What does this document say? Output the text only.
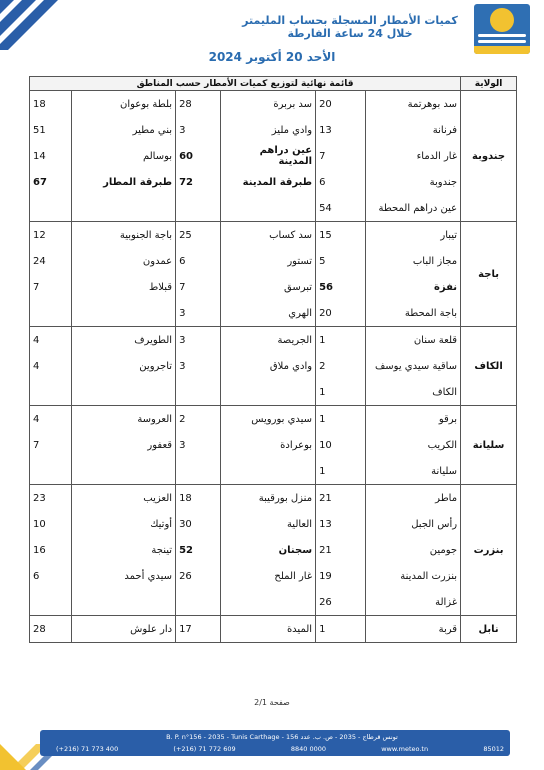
كميات الأمطار المسجلة بحساب المليمتر
خلال 24 ساعة الفارطة
الأحد 20 أكتوبر 2024
الولاية	قائمة نهائية لتوزيع كميات الأمطار حسب المناطق					
جندوبة	سد بوهرتمة	20	سد بربرة	28	بلطة بوعوان	18
	فرنانة	13	وادي مليز	3	بني مطير	51
	غار الدماء	7	عين دراهم المدينة	60	بوسالم	14
	جندوبة	6	طبرقة المدينة	72	طبرقة المطار	67
	عين دراهم المحطة	54				
باجة	تيبار	15	سد كساب	25	باجة الجنوبية	12
	مجاز الباب	5	تستور	6	عمدون	24
	نفزة	56	تبرسق	7	قبلاط	7
	باجة المحطة	20	الهري	3		
الكاف	قلعة سنان	1	الجريصة	3	الطويرف	4
	ساقية سيدي يوسف	2	وادي ملاق	3	تاجروين	4
	الكاف	1				
سليانة	برقو	1	سيدي بورويس	2	العروسة	4
	الكريب	10	بوعرادة	3	قعفور	7
	سليانة	1				
بنزرت	ماطر	21	منزل بورقيبة	18	العزيب	23
	رأس الجبل	13	العالية	30	أوتيك	10
	جومين	21	سجنان	52	تينجة	16
	بنزرت المدينة	19	غار الملح	26	سيدي أحمد	6
	غزالة	26				
نابل	قربة	1	الميدة	17	دار علوش	28
صفحة 2/1
B. P. n°156 - 2035 - Tunis Carthage - تونس قرطاج - 2035 - ص. ب. عدد 156
(+216) 71 773 400	(+216) 71 772 609	8840 0000	www.meteo.tn	85012
